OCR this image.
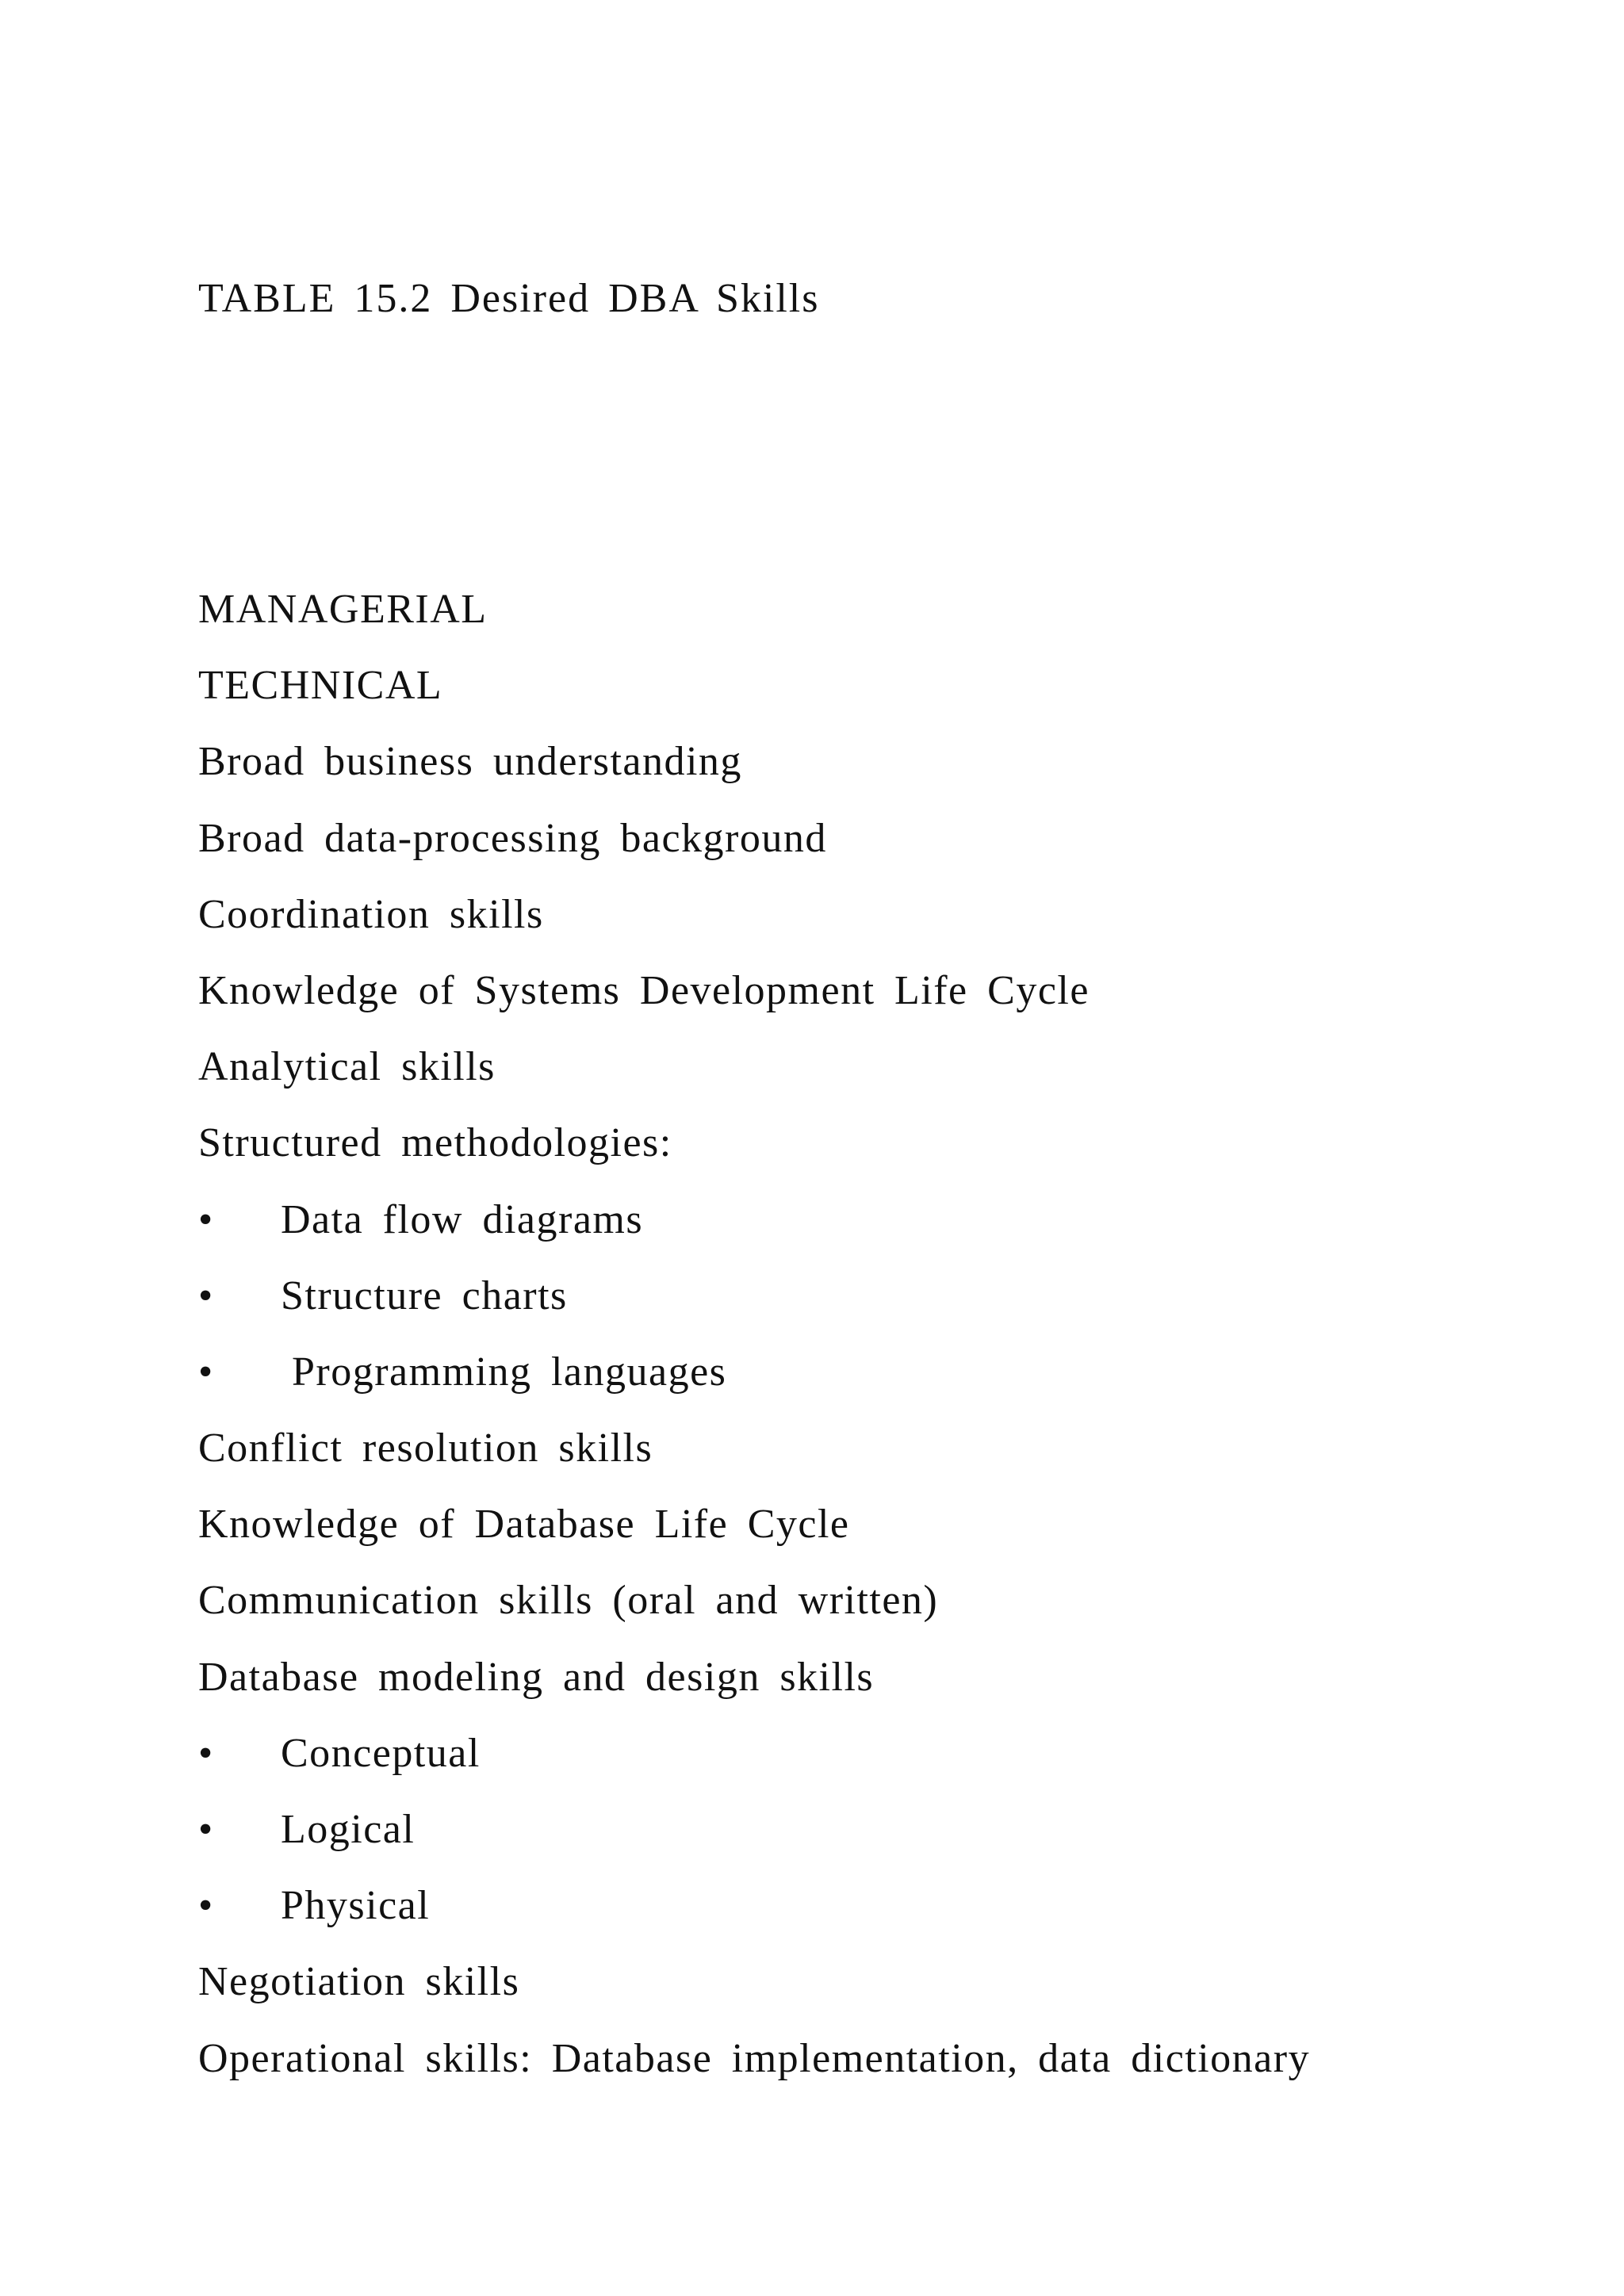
TABLE 15.2 Desired DBA Skills
MANAGERIAL
TECHNICAL
Broad business understanding
Broad data-processing background
Coordination skills
Knowledge of Systems Development Life Cycle
Analytical skills
Structured methodologies:
• Data flow diagrams
• Structure charts
• Programming languages
Conflict resolution skills
Knowledge of Database Life Cycle
Communication skills (oral and written)
Database modeling and design skills
• Conceptual
• Logical
• Physical
Negotiation skills
Operational skills: Database implementation, data dictionary
